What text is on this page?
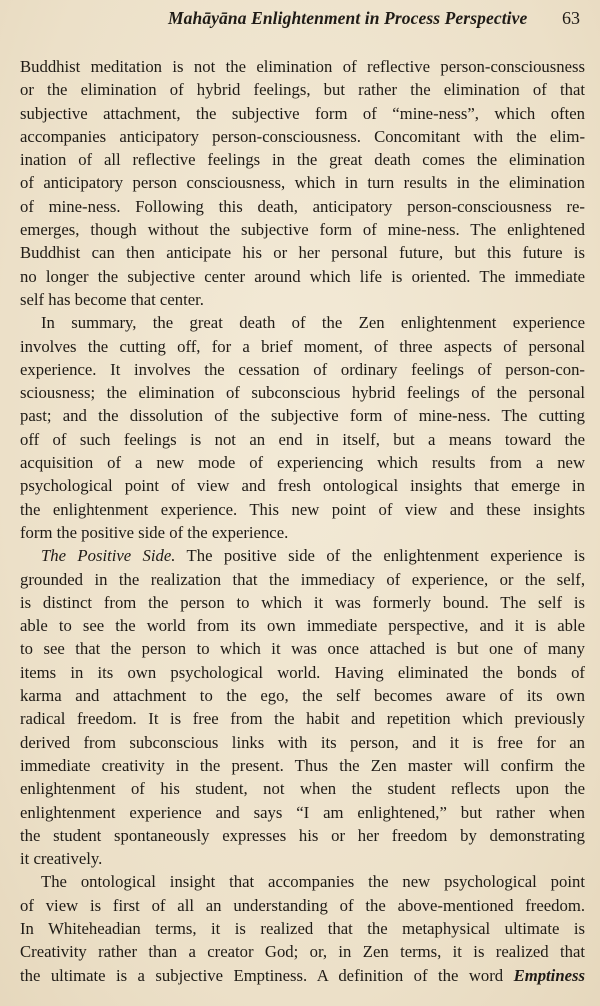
Mahāyāna Enlightenment in Process Perspective 63
Buddhist meditation is not the elimination of reflective person-consciousness
or the elimination of hybrid feelings, but rather the elimination of that
subjective attachment, the subjective form of “mine-ness”, which often
accompanies anticipatory person-consciousness. Concomitant with the elim-
ination of all reflective feelings in the great death comes the elimination
of anticipatory person consciousness, which in turn results in the elimination
of mine-ness. Following this death, anticipatory person-consciousness re-
emerges, though without the subjective form of mine-ness. The enlightened
Buddhist can then anticipate his or her personal future, but this future is
no longer the subjective center around which life is oriented. The immediate
self has become that center.
In summary, the great death of the Zen enlightenment experience
involves the cutting off, for a brief moment, of three aspects of personal
experience. It involves the cessation of ordinary feelings of person-con-
sciousness; the elimination of subconscious hybrid feelings of the personal
past; and the dissolution of the subjective form of mine-ness. The cutting
off of such feelings is not an end in itself, but a means toward the
acquisition of a new mode of experiencing which results from a new
psychological point of view and fresh ontological insights that emerge in
the enlightenment experience. This new point of view and these insights
form the positive side of the experience.
The Positive Side. The positive side of the enlightenment experience is
grounded in the realization that the immediacy of experience, or the self,
is distinct from the person to which it was formerly bound. The self is
able to see the world from its own immediate perspective, and it is able
to see that the person to which it was once attached is but one of many
items in its own psychological world. Having eliminated the bonds of
karma and attachment to the ego, the self becomes aware of its own
radical freedom. It is free from the habit and repetition which previously
derived from subconscious links with its person, and it is free for an
immediate creativity in the present. Thus the Zen master will confirm the
enlightenment of his student, not when the student reflects upon the
enlightenment experience and says “I am enlightened,” but rather when
the student spontaneously expresses his or her freedom by demonstrating
it creatively.
The ontological insight that accompanies the new psychological point
of view is first of all an understanding of the above-mentioned freedom.
In Whiteheadian terms, it is realized that the metaphysical ultimate is
Creativity rather than a creator God; or, in Zen terms, it is realized that
the ultimate is a subjective Emptiness. A definition of the word Emptiness
